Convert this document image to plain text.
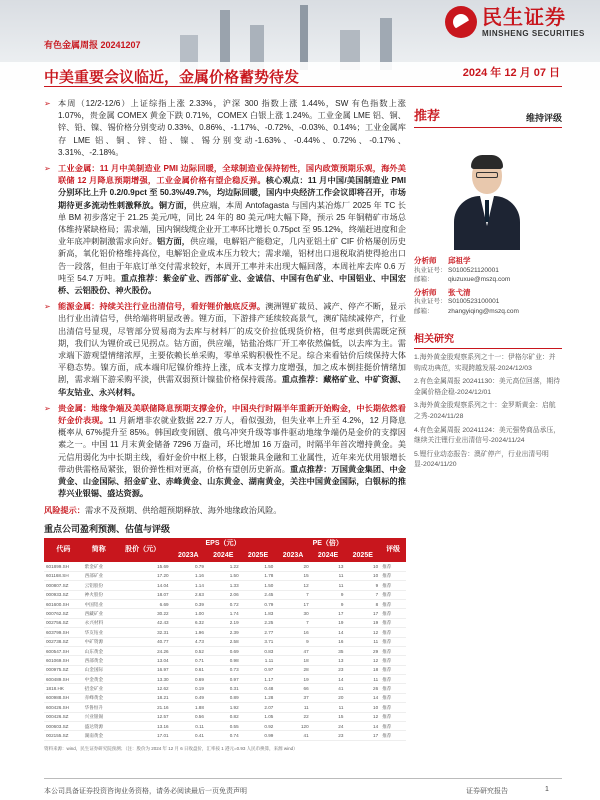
民生证券
MINSHENG SECURITIES
有色金属周报 20241207
中美重要会议临近，金属价格蓄势待发	2024 年 12 月 07 日
➢ 本周（12/2-12/6）上证综指上涨 2.33%，沪深 300 指数上涨 1.44%，SW 有色指数上涨 1.07%，贵金属 COMEX 黄金下跌 0.71%，COMEX 白银上涨 1.24%。工业金属 LME 铝、铜、锌、铅、镍、锡价格分别变动 0.33%、0.86%、-1.17%、-0.72%、-0.03%、0.14%；工业金属库存 LME 铝、铜、锌、铅、镍、锡分别变动-1.63%、-0.44%、0.72%、-0.17%、3.31%、-2.18%。
➢ 工业金属：11 月中美制造业 PMI 边际回暖，全球制造业保持韧性，国内政策预期乐观，海外美联储 12 月降息预期增强，工业金属价格有望企稳反弹。核心观点：11 月中国/美国制造业 PMI 分别环比上升 0.2/0.9pct 至 50.3%/49.7%，均边际回暖，国内中央经济工作会议即将召开，市场期待更多流动性刺激释放。铜方面，供应端，本周 Antofagasta 与国内某冶炼厂 2025 年 TC 长单 BM 初步落定于 21.25 美元/吨，同比 24 年的 80 美元/吨大幅下降，预示 25 年铜精矿市场总体维持紧缺格局；需求端，国内铜线缆企业开工率环比增长 0.75pct 至 95.12%，终端赶进度和企业年底冲刺制激需求向好。铝方面，供应端，电解铝产能稳定，几内亚铝土矿 CIF 价格屡创历史新高，氧化铝价格维持高位，电解铝企业成本压力较大；需求端，铝材出口退税取消使得抢出口告一段落，但由于年底订单交付需求较好，本周开工率并未出现大幅回落，本周社库去库 0.6 万吨至 54.7 万吨。重点推荐：紫金矿业、西部矿业、金诚信、中国有色矿业、中国铝业、中国宏桥、云铝股份、神火股份。
➢ 能源金属：持续关注行业出清信号，看好锂价触底反弹。澳洲锂矿裁员、减产、停产不断，显示出行业出清信号，供给端将明显改善。锂方面，下游排产延续较高景气，澳矿陆续减停产，行业出清信号显现，尽管部分贸易商为去库与材料厂的成交价拉低现货价格，但考虑到供需既定预期，我们认为锂价或已见拐点。钴方面，供应端，钴盐冶炼厂开工率依然偏低，以去库为主。需求端下游观望情绪浓厚，主要依赖长单采购，零单采购积极性不足。综合来看钴价后续保持大体平稳态势。镍方面，成本端印尼镍价维持上涨，成本支撑力度增强，加之成本倒挂挺价情绪加剧，需求端下游采购平淡，供需双弱预计镍盐价格保持震荡。重点推荐：藏格矿业、中矿资源、华友钴业、永兴材料。
➢ 贵金属：地缘争端及美联储降息预期支撑金价，中国央行时隔半年重新开始购金，中长期依然看好金价表现。11 月新增非农就业数据 22.7 万人，看似强劲，但失业率上升至 4.2%，12 月降息概率从 67%提升至 85%。韩国政变闹剧、俄乌冲突升级等事件驱动地缘争端仍是金价的支撑因素之一。中国 11 月末黄金储备 7296 万盎司，环比增加 16 万盎司，时隔半年首次增持黄金。美元信用弱化为中长期主线，看好金价中枢上移，白银兼具金融和工业属性，近年来光伏用银增长带动供需格局紧张，银价弹性相对更高，价格有望创历史新高。重点推荐：万国黄金集团、中金黄金、山金国际、招金矿业、赤峰黄金、山东黄金、湖南黄金，关注中国黄金国际，白银标的推荐兴业银锡、盛达资源。
风险提示：需求不及预期、供给超预期释放、海外地缘政治风险。
重点公司盈利预测、估值与评级
代码	简称	股价（元）	EPS（元）			PE（倍）			评级
			2023A	2024E	2025E	2023A	2024E	2025E	
601899.SH	紫金矿业	15.69	0.79	1.22	1.50	20	13	10	推荐
601168.SH	西部矿业	17.20	1.16	1.50	1.78	15	11	10	推荐
000807.SZ	云铝股份	14.04	1.14	1.33	1.50	12	11	9	推荐
000933.SZ	神火股份	18.07	2.63	2.06	2.45	7	9	7	推荐
601600.SH	中国铝业	6.69	0.39	0.72	0.79	17	9	8	推荐
000762.SZ	西藏矿业	30.22	1.00	1.74	1.83	30	17	17	推荐
002756.SZ	永兴材料	42.43	6.32	2.19	2.25	7	19	19	推荐
603799.SH	华友钴业	32.31	1.96	2.39	2.77	16	14	12	推荐
002738.SZ	中矿资源	40.77	4.73	2.58	3.71	9	16	11	推荐
600547.SH	山东黄金	24.26	0.52	0.69	0.83	47	35	29	推荐
601069.SH	西部黄金	13.04	0.71	0.98	1.11	18	13	12	推荐
000975.SZ	山金国际	16.97	0.61	0.73	0.97	28	23	18	推荐
600489.SH	中金黄金	13.30	0.69	0.97	1.17	19	14	11	推荐
1818.HK	招金矿业	12.62	0.19	0.31	0.48	66	41	26	推荐
600988.SH	赤峰黄金	18.21	0.49	0.89	1.28	37	20	14	推荐
600426.SH	华鲁恒升	21.16	1.88	1.92	2.07	11	11	10	推荐
000426.SZ	兴业银锡	12.57	0.56	0.82	1.05	22	15	12	推荐
000603.SZ	盛达资源	13.16	0.11	0.55	0.92	120	24	14	推荐
002155.SZ	湖南黄金	17.01	0.41	0.74	0.99	41	23	17	推荐
资料来源：wind，民生证券研究院预测；（注：股价为 2024 年 12 月 6 日收盘价，汇率按 1 港元=0.93 人民币换算，来源 wind）
推荐	维持评级
分析师	邱祖学
执业证号： S0100521120001
邮箱：	qiuzuxue@mszq.com
分析师	张弋清
执业证号： S0100523100001
邮箱：	zhangyiqing@mszq.com
相关研究
1.海外黄金股观察系列之十一：伊格尔矿业：并购成功典范，实现跨越发展-2024/12/03
2.有色金属周报 20241130：美元高位回落，期待金属价格企稳-2024/12/01
3.海外黄金股观察系列之十：金罗斯黄金：启航之秀-2024/11/28
4.有色金属周报 20241124：美元强势商品承压，继续关注锂行业出清信号-2024/11/24
5.锂行业动态报告：澳矿停产，行业出清号明显-2024/11/20
本公司具备证券投资咨询业务资格，请务必阅读最后一页免责声明	证券研究报告	1
